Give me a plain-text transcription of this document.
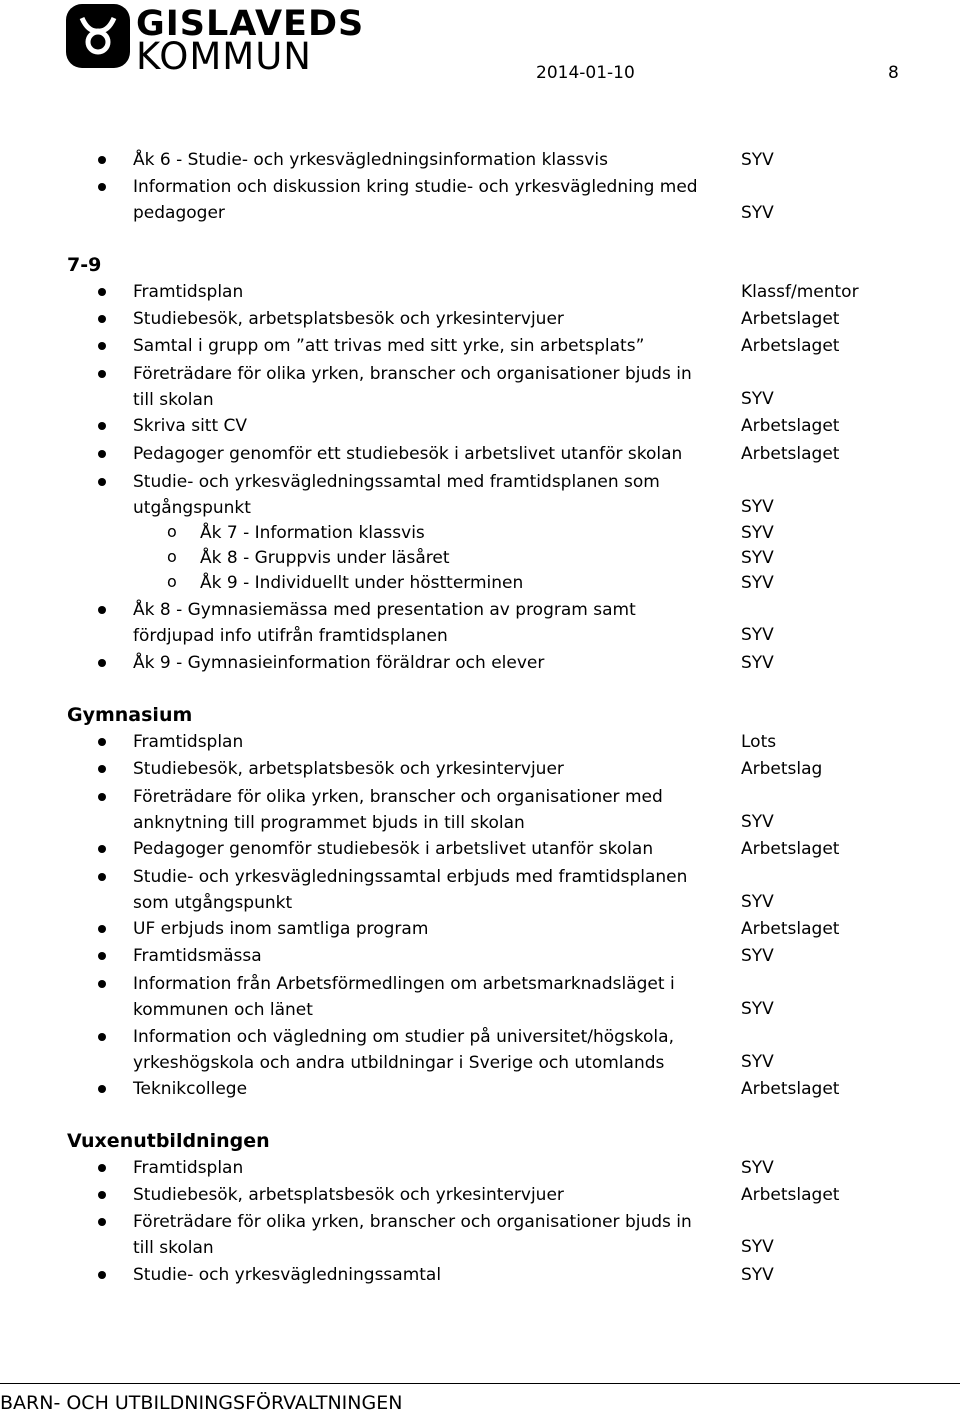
GISLAVEDS
KOMMUN	2014-01-10	8
Åk 6 - Studie- och yrkesvägledningsinformation klassvis	SYV
Information och diskussion kring studie- och yrkesvägledning med pedagoger	SYV
7-9
Framtidsplan	Klassf/mentor
Studiebesök, arbetsplatsbesök och yrkesintervjuer	Arbetslaget
Samtal i grupp om ”att trivas med sitt yrke, sin arbetsplats”	Arbetslaget
Företrädare för olika yrken, branscher och organisationer bjuds in till skolan	SYV
Skriva sitt CV	Arbetslaget
Pedagoger genomför ett studiebesök i arbetslivet utanför skolan	Arbetslaget
Studie- och yrkesvägledningssamtal med framtidsplanen som utgångspunkt	SYV
o Åk 7 - Information klassvis	SYV
o Åk 8 - Gruppvis under läsåret	SYV
o Åk 9 - Individuellt under höstterminen	SYV
Åk 8 - Gymnasiemässa med presentation av program samt fördjupad info utifrån framtidsplanen	SYV
Åk 9 - Gymnasieinformation föräldrar och elever	SYV
Gymnasium
Framtidsplan	Lots
Studiebesök, arbetsplatsbesök och yrkesintervjuer	Arbetslag
Företrädare för olika yrken, branscher och organisationer med anknytning till programmet bjuds in till skolan	SYV
Pedagoger genomför studiebesök i arbetslivet utanför skolan	Arbetslaget
Studie- och yrkesvägledningssamtal erbjuds med framtidsplanen som utgångspunkt	SYV
UF erbjuds inom samtliga program	Arbetslaget
Framtidsmässa	SYV
Information från Arbetsförmedlingen om arbetsmarknadsläget i kommunen och länet	SYV
Information och vägledning om studier på universitet/högskola, yrkeshögskola och andra utbildningar i Sverige och utomlands	SYV
Teknikcollege	Arbetslaget
Vuxenutbildningen
Framtidsplan	SYV
Studiebesök, arbetsplatsbesök och yrkesintervjuer	Arbetslaget
Företrädare för olika yrken, branscher och organisationer bjuds in till skolan	SYV
Studie- och yrkesvägledningssamtal	SYV
BARN- OCH UTBILDNINGSFÖRVALTNINGEN
